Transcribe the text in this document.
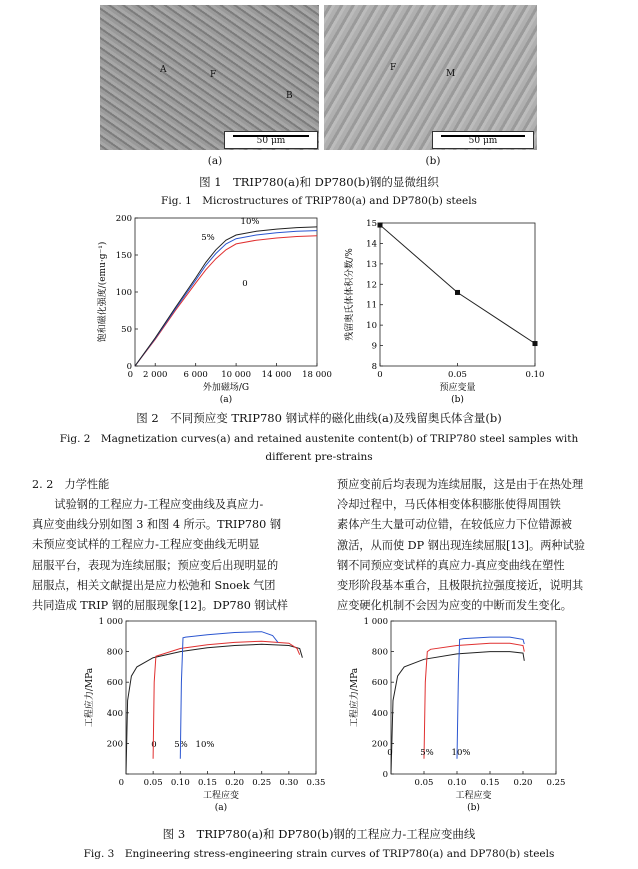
50 μm
A	F
B
50 μm
F
M
(a)	(b)
图 1　TRIP780(a)和 DP780(b)钢的显微组织
Fig. 1　Microstructures of TRIP780(a) and DP780(b) steels
2 000 6 000 10 000 14 000 18 000
0
0
50
100
150
200
外加磁场/G
饱和磁化强度/(emu·g⁻¹)
(a)
0
5%
10%
0	0.05	0.10
8
9
10
11
12
13
14
15
预应变量
残留奥氏体体积分数/%
(b)
图 2　不同预应变 TRIP780 钢试样的磁化曲线(a)及残留奥氏体含量(b)
Fig. 2　Magnetization curves(a) and retained austenite content(b) of TRIP780 steel samples with
different pre-strains
2. 2　力学性能
　　试验钢的工程应力-工程应变曲线及真应力-
真应变曲线分别如图 3 和图 4 所示。TRIP780 钢
未预应变试样的工程应力-工程应变曲线无明显
屈服平台，表现为连续屈服；预应变后出现明显的
屈服点，相关文献提出是应力松弛和 Snoek 气团
共同造成 TRIP 钢的屈服现象[12]。DP780 钢试样
预应变前后均表现为连续屈服，这是由于在热处理
冷却过程中，马氏体相变体积膨胀使得周围铁
素体产生大量可动位错，在较低应力下位错源被
激活，从而使 DP 钢出现连续屈服[13]。两种试验
钢不同预应变试样的真应力-真应变曲线在塑性
变形阶段基本重合，且极限抗拉强度接近，说明其
应变硬化机制不会因为应变的中断而发生变化。
0.05 0.10 0.15 0.20 0.25 0.30 0.35
0
200
400
600
800
1 000
工程应变
工程应力/MPa
(a)
0 5% 10%
0.05 0.10 0.15 0.20 0.25
0
200
400
600
800
1 000
工程应变
工程应力/MPa
(b)
0	5% 10%
图 3　TRIP780(a)和 DP780(b)钢的工程应力-工程应变曲线
Fig. 3　Engineering stress-engineering strain curves of TRIP780(a) and DP780(b) steels
